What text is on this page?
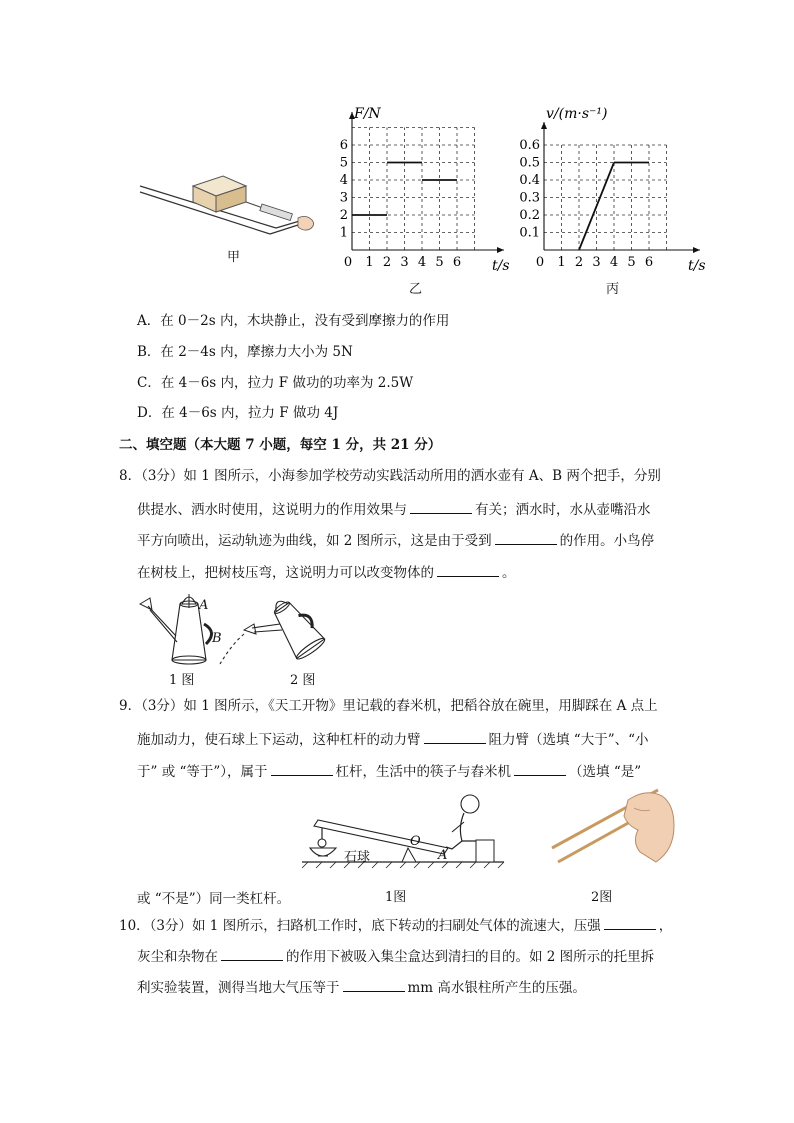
甲	0 1 2 3 4 5 6
1
2
3
4
5
6
F/N
t/s
乙
0 1 2 3 4 5 6
0.1
0.2
0.3
0.4
0.5
0.6
v/(m·s⁻¹)
t/s
丙
A．在 0－2s 内，木块静止，没有受到摩擦力的作用
B．在 2－4s 内，摩擦力大小为 5N
C．在 4－6s 内，拉力 F 做功的功率为 2.5W
D．在 4－6s 内，拉力 F 做功 4J
二、填空题（本大题 7 小题，每空 1 分，共 21 分）
8．（3分）如 1 图所示，小海参加学校劳动实践活动所用的洒水壶有 A、B 两个把手，分别
供提水、洒水时使用，这说明力的作用效果与	有关；洒水时，水从壶嘴沿水
平方向喷出，运动轨迹为曲线，如 2 图所示，这是由于受到	的作用。小鸟停
在树枝上，把树枝压弯，这说明力可以改变物体的	。
A
B
1 图	2 图
9．（3分）如 1 图所示，《天工开物》里记载的舂米机，把稻谷放在碗里，用脚踩在 A 点上
施加动力，使石球上下运动，这种杠杆的动力臂	阻力臂（选填 “大于”、“小
于” 或 “等于”），属于	杠杆，生活中的筷子与舂米机	（选填 “是”
O
A
石球
1图	2图
或 “不是”）同一类杠杆。
10．（3分）如 1 图所示，扫路机工作时，底下转动的扫刷处气体的流速大，压强	，
灰尘和杂物在	的作用下被吸入集尘盒达到清扫的目的。如 2 图所示的托里拆
利实验装置，测得当地大气压等于	mm 高水银柱所产生的压强。
